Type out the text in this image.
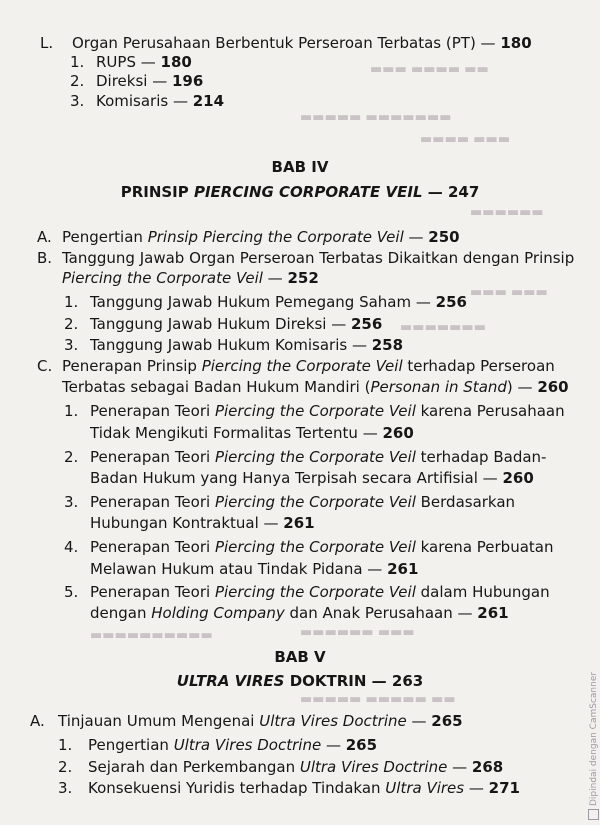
▬▬▬ ▬▬▬▬ ▬▬
▬▬▬▬▬ ▬▬▬▬▬▬▬
▬▬▬▬ ▬▬▬
▬▬▬▬▬▬
▬▬▬ ▬▬▬
▬▬▬▬▬▬▬
▬▬▬▬▬▬ ▬▬▬
▬▬▬▬▬▬▬▬▬▬
▬▬▬▬▬ ▬▬▬▬▬ ▬▬
L. Organ Perusahaan Berbentuk Perseroan Terbatas (PT) — 180
1. RUPS — 180
2. Direksi — 196
3. Komisaris — 214
A. Pengertian Prinsip Piercing the Corporate Veil — 250
B. Tanggung Jawab Organ Perseroan Terbatas Dikaitkan dengan Prinsip
Piercing the Corporate Veil — 252
1. Tanggung Jawab Hukum Pemegang Saham — 256
2. Tanggung Jawab Hukum Direksi — 256
3. Tanggung Jawab Hukum Komisaris — 258
C. Penerapan Prinsip Piercing the Corporate Veil terhadap Perseroan
Terbatas sebagai Badan Hukum Mandiri (Personan in Stand) — 260
1. Penerapan Teori Piercing the Corporate Veil karena Perusahaan
Tidak Mengikuti Formalitas Tertentu — 260
2. Penerapan Teori Piercing the Corporate Veil terhadap Badan-
Badan Hukum yang Hanya Terpisah secara Artifisial — 260
3. Penerapan Teori Piercing the Corporate Veil Berdasarkan
Hubungan Kontraktual — 261
4. Penerapan Teori Piercing the Corporate Veil karena Perbuatan
Melawan Hukum atau Tindak Pidana — 261
5. Penerapan Teori Piercing the Corporate Veil dalam Hubungan
dengan Holding Company dan Anak Perusahaan — 261
A. Tinjauan Umum Mengenai Ultra Vires Doctrine — 265
1. Pengertian Ultra Vires Doctrine — 265
2. Sejarah dan Perkembangan Ultra Vires Doctrine — 268
3. Konsekuensi Yuridis terhadap Tindakan Ultra Vires — 271
BAB IV
PRINSIP PIERCING CORPORATE VEIL — 247
BAB V
ULTRA VIRES DOKTRIN — 263	Dipindai dengan CamScanner
